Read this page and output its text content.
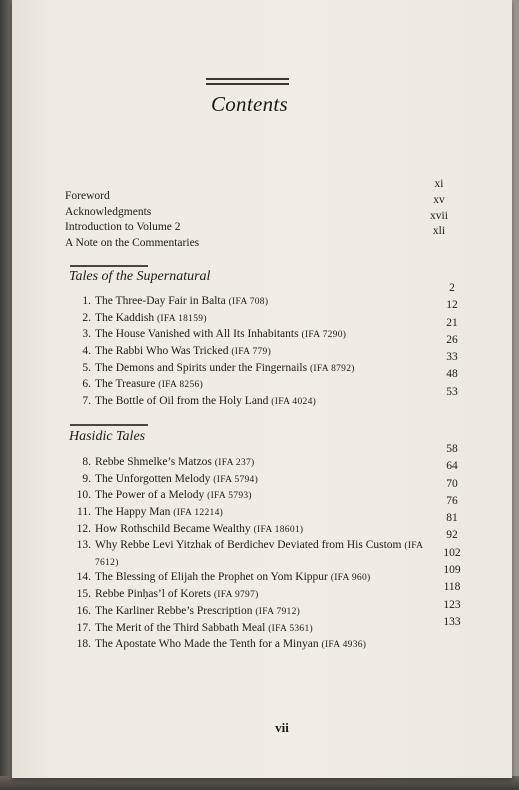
Contents
Foreword
Acknowledgments
Introduction to Volume 2
A Note on the Commentaries
xi
xv
xvii
xli
Tales of the Supernatural
1. The Three-Day Fair in Balta (IFA 708)
2. The Kaddish (IFA 18159)
3. The House Vanished with All Its Inhabitants (IFA 7290)
4. The Rabbi Who Was Tricked (IFA 779)
5. The Demons and Spirits under the Fingernails (IFA 8792)
6. The Treasure (IFA 8256)
7. The Bottle of Oil from the Holy Land (IFA 4024)
2
12
21
26
33
48
53
Hasidic Tales
8. Rebbe Shmelke’s Matzos (IFA 237)
9. The Unforgotten Melody (IFA 5794)
10. The Power of a Melody (IFA 5793)
11. The Happy Man (IFA 12214)
12. How Rothschild Became Wealthy (IFA 18601)
13. Why Rebbe Levi Yitzhak of Berdichev Deviated from His Custom (IFA 7612)
14. The Blessing of Elijah the Prophet on Yom Kippur (IFA 960)
15. Rebbe Pinḥas’l of Korets (IFA 9797)
16. The Karliner Rebbe’s Prescription (IFA 7912)
17. The Merit of the Third Sabbath Meal (IFA 5361)
18. The Apostate Who Made the Tenth for a Minyan (IFA 4936)
58
64
70
76
81
92
102
109
118
123
133
vii
